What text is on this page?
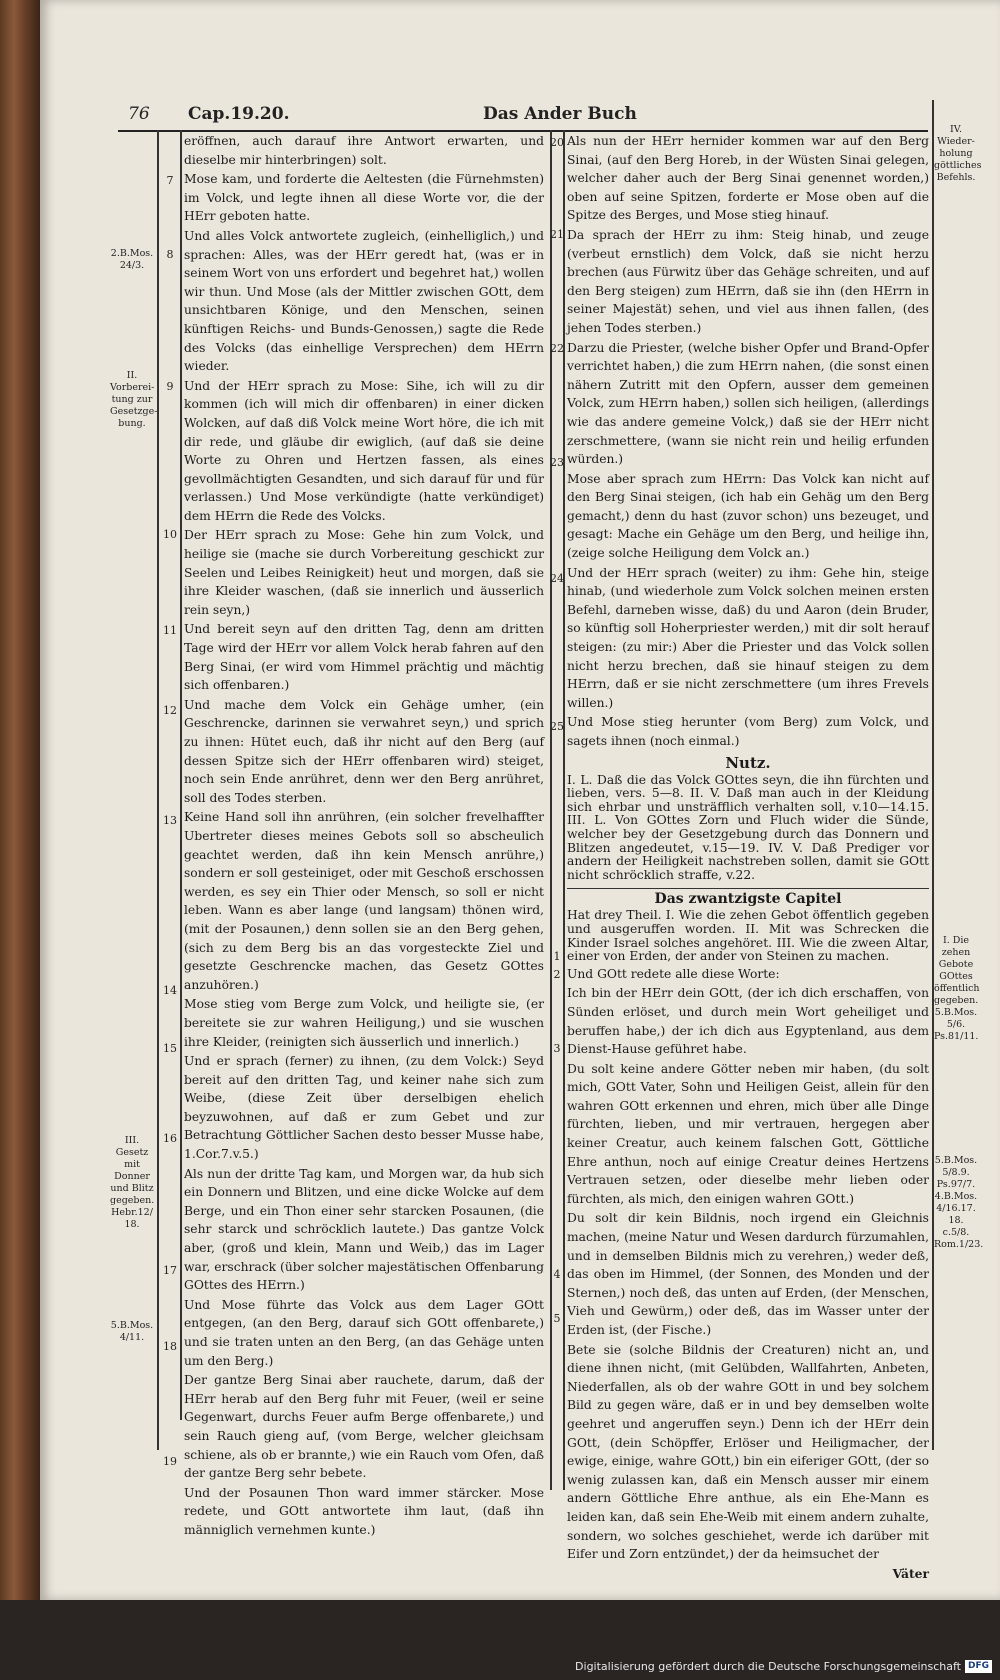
76 Cap.19.20.	Das Ander Buch
2.B.Mos. 24/3.
II. Vorberei-tung zur Gesetzge-bung.
III. Gesetz mit Donner und Blitz gegeben. Hebr.12/ 18.
5.B.Mos. 4/11.
IV. Wieder-holung göttliches Befehls.
I. Die zehen Gebote GOttes öffentlich gegeben. 5.B.Mos. 5/6. Ps.81/11.
5.B.Mos. 5/8.9. Ps.97/7. 4.B.Mos. 4/16.17. 18. c.5/8. Rom.1/23.
7
8
9
10
11
12
13
14
15
16
17
18
19
20
21
22
23
24
25
1
2
3
4
5

eröffnen, auch darauf ihre Antwort erwarten, und dieselbe mir hinterbringen) solt.

Mose kam, und forderte die Aeltesten (die Fürnehmsten) im Volck, und legte ihnen all diese Worte vor, die der HErr geboten hatte.

Und alles Volck antwortete zugleich, (einhelliglich,) und sprachen: Alles, was der HErr geredt hat, (was er in seinem Wort von uns erfordert und begehret hat,) wollen wir thun. Und Mose (als der Mittler zwischen GOtt, dem unsichtbaren Könige, und den Menschen, seinen künftigen Reichs- und Bunds-Genossen,) sagte die Rede des Volcks (das einhellige Versprechen) dem HErrn wieder.

Und der HErr sprach zu Mose: Sihe, ich will zu dir kommen (ich will mich dir offenbaren) in einer dicken Wolcken, auf daß diß Volck meine Wort höre, die ich mit dir rede, und gläube dir ewiglich, (auf daß sie deine Worte zu Ohren und Hertzen fassen, als eines gevollmächtigten Gesandten, und sich darauf für und für verlassen.) Und Mose verkündigte (hatte verkündiget) dem HErrn die Rede des Volcks.

Der HErr sprach zu Mose: Gehe hin zum Volck, und heilige sie (mache sie durch Vorbereitung geschickt zur Seelen und Leibes Reinigkeit) heut und morgen, daß sie ihre Kleider waschen, (daß sie innerlich und äusserlich rein seyn,)

Und bereit seyn auf den dritten Tag, denn am dritten Tage wird der HErr vor allem Volck herab fahren auf den Berg Sinai, (er wird vom Himmel prächtig und mächtig sich offenbaren.)

Und mache dem Volck ein Gehäge umher, (ein Geschrencke, darinnen sie verwahret seyn,) und sprich zu ihnen: Hütet euch, daß ihr nicht auf den Berg (auf dessen Spitze sich der HErr offenbaren wird) steiget, noch sein Ende anrühret, denn wer den Berg anrühret, soll des Todes sterben.

Keine Hand soll ihn anrühren, (ein solcher frevelhaffter Ubertreter dieses meines Gebots soll so abscheulich geachtet werden, daß ihn kein Mensch anrühre,) sondern er soll gesteiniget, oder mit Geschoß erschossen werden, es sey ein Thier oder Mensch, so soll er nicht leben. Wann es aber lange (und langsam) thönen wird, (mit der Posaunen,) denn sollen sie an den Berg gehen, (sich zu dem Berg bis an das vorgesteckte Ziel und gesetzte Geschrencke machen, das Gesetz GOttes anzuhören.)

Mose stieg vom Berge zum Volck, und heiligte sie, (er bereitete sie zur wahren Heiligung,) und sie wuschen ihre Kleider, (reinigten sich äusserlich und innerlich.)

Und er sprach (ferner) zu ihnen, (zu dem Volck:) Seyd bereit auf den dritten Tag, und keiner nahe sich zum Weibe, (diese Zeit über derselbigen ehelich beyzuwohnen, auf daß er zum Gebet und zur Betrachtung Göttlicher Sachen desto besser Musse habe, 1.Cor.7.v.5.)

Als nun der dritte Tag kam, und Morgen war, da hub sich ein Donnern und Blitzen, und eine dicke Wolcke auf dem Berge, und ein Thon einer sehr starcken Posaunen, (die sehr starck und schröcklich lautete.) Das gantze Volck aber, (groß und klein, Mann und Weib,) das im Lager war, erschrack (über solcher majestätischen Offenbarung GOttes des HErrn.)

Und Mose führte das Volck aus dem Lager GOtt entgegen, (an den Berg, darauf sich GOtt offenbarete,) und sie traten unten an den Berg, (an das Gehäge unten um den Berg.)

Der gantze Berg Sinai aber rauchete, darum, daß der HErr herab auf den Berg fuhr mit Feuer, (weil er seine Gegenwart, durchs Feuer aufm Berge offenbarete,) und sein Rauch gieng auf, (vom Berge, welcher gleichsam schiene, als ob er brannte,) wie ein Rauch vom Ofen, daß der gantze Berg sehr bebete.

Und der Posaunen Thon ward immer stärcker. Mose redete, und GOtt antwortete ihm laut, (daß ihn männiglich vernehmen kunte.)

Als nun der HErr hernider kommen war auf den Berg Sinai, (auf den Berg Horeb, in der Wüsten Sinai gelegen, welcher daher auch der Berg Sinai genennet worden,) oben auf seine Spitzen, forderte er Mose oben auf die Spitze des Berges, und Mose stieg hinauf.

Da sprach der HErr zu ihm: Steig hinab, und zeuge (verbeut ernstlich) dem Volck, daß sie nicht herzu brechen (aus Fürwitz über das Gehäge schreiten, und auf den Berg steigen) zum HErrn, daß sie ihn (den HErrn in seiner Majestät) sehen, und viel aus ihnen fallen, (des jehen Todes sterben.)

Darzu die Priester, (welche bisher Opfer und Brand-Opfer verrichtet haben,) die zum HErrn nahen, (die sonst einen nähern Zutritt mit den Opfern, ausser dem gemeinen Volck, zum HErrn haben,) sollen sich heiligen, (allerdings wie das andere gemeine Volck,) daß sie der HErr nicht zerschmettere, (wann sie nicht rein und heilig erfunden würden.)

Mose aber sprach zum HErrn: Das Volck kan nicht auf den Berg Sinai steigen, (ich hab ein Gehäg um den Berg gemacht,) denn du hast (zuvor schon) uns bezeuget, und gesagt: Mache ein Gehäge um den Berg, und heilige ihn, (zeige solche Heiligung dem Volck an.)

Und der HErr sprach (weiter) zu ihm: Gehe hin, steige hinab, (und wiederhole zum Volck solchen meinen ersten Befehl, darneben wisse, daß) du und Aaron (dein Bruder, so künftig soll Hoherpriester werden,) mit dir solt herauf steigen: (zu mir:) Aber die Priester und das Volck sollen nicht herzu brechen, daß sie hinauf steigen zu dem HErrn, daß er sie nicht zerschmettere (um ihres Frevels willen.)

Und Mose stieg herunter (vom Berg) zum Volck, und sagets ihnen (noch einmal.)

Nutz.

I. L. Daß die das Volck GOttes seyn, die ihn fürchten und lieben, vers. 5—8. II. V. Daß man auch in der Kleidung sich ehrbar und unsträfflich verhalten soll, v.10—14.15. III. L. Von GOttes Zorn und Fluch wider die Sünde, welcher bey der Gesetzgebung durch das Donnern und Blitzen angedeutet, v.15—19. IV. V. Daß Prediger vor andern der Heiligkeit nachstreben sollen, damit sie GOtt nicht schröcklich straffe, v.22.

Das zwantzigste Capitel

Hat drey Theil. I. Wie die zehen Gebot öffentlich gegeben und ausgeruffen worden. II. Mit was Schrecken die Kinder Israel solches angehöret. III. Wie die zween Altar, einer von Erden, der ander von Steinen zu machen.

Und GOtt redete alle diese Worte:

Ich bin der HErr dein GOtt, (der ich dich erschaffen, von Sünden erlöset, und durch mein Wort geheiliget und beruffen habe,) der ich dich aus Egyptenland, aus dem Dienst-Hause geführet habe.

Du solt keine andere Götter neben mir haben, (du solt mich, GOtt Vater, Sohn und Heiligen Geist, allein für den wahren GOtt erkennen und ehren, mich über alle Dinge fürchten, lieben, und mir vertrauen, hergegen aber keiner Creatur, auch keinem falschen Gott, Göttliche Ehre anthun, noch auf einige Creatur deines Hertzens Vertrauen setzen, oder dieselbe mehr lieben oder fürchten, als mich, den einigen wahren GOtt.)

Du solt dir kein Bildnis, noch irgend ein Gleichnis machen, (meine Natur und Wesen dardurch fürzumahlen, und in demselben Bildnis mich zu verehren,) weder deß, das oben im Himmel, (der Sonnen, des Monden und der Sternen,) noch deß, das unten auf Erden, (der Menschen, Vieh und Gewürm,) oder deß, das im Wasser unter der Erden ist, (der Fische.)

Bete sie (solche Bildnis der Creaturen) nicht an, und diene ihnen nicht, (mit Gelübden, Wallfahrten, Anbeten, Niederfallen, als ob der wahre GOtt in und bey solchem Bild zu gegen wäre, daß er in und bey demselben wolte geehret und angeruffen seyn.) Denn ich der HErr dein GOtt, (dein Schöpffer, Erlöser und Heiligmacher, der ewige, einige, wahre GOtt,) bin ein eiferiger GOtt, (der so wenig zulassen kan, daß ein Mensch ausser mir einem andern Göttliche Ehre anthue, als ein Ehe-Mann es leiden kan, daß sein Ehe-Weib mit einem andern zuhalte, sondern, wo solches geschiehet, werde ich darüber mit Eifer und Zorn entzündet,) der da heimsuchet der

Väter

Digitalisierung gefördert durch die Deutsche Forschungsgemeinschaft DFG
